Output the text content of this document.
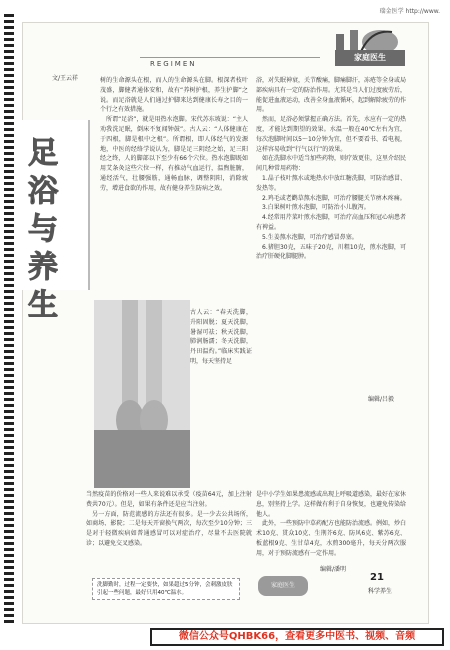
瑞金医学 http://www.
家庭医生
REGIMEN
文/王云祥
足
浴
与
养
生
树的生命源头在根，而人的生命源头在脚。根深者枝叶茂盛，脚健者通体安和，故有“养树护根，养生护脚”之说。而足浴就是人们通过护脚来达到健康长寿之目的一个行之有效措施。
　所谓“足浴”，就是用热水泡脚。宋代苏东坡说：“主人劝我洗足眠，倒床不复闻钟鼓”。古人云：“人体健康在于四根，脚是根中之根”。所谓根，即人体经气的发源地，中医的经络学说认为，脚是足三阴经之始，足三阳经之终，人的脚部以下至少有66个穴位。热水泡脚既如用艾条灸这些穴位一样，有推动气血运行，温煦脏腑，通经活气，壮腰强筋，通畅血脉，调整阴阳，消除疲劳，增进食欲的作用，故有健身养生防病之效。
古人云：“春天洗脚，升阳固脱；夏天洗脚，暑湿可祛；秋天洗脚，肺润肠濡；冬天洗脚，丹田温灼。”临床实践证明，每天坚持足
浴，对失眠神衰，关节酸痛，脚痛脚汗，冻疮等全身或局部疾病具有一定的防治作用。尤其是当人们过度疲劳后，能促进血液运动，改善全身血液循环，起到解除疲劳的作用。
　然而，足浴必须掌握正确方法。首先，水应有一定的热度，才能达到期望的效果。水温一般在40℃左右为宜，每次泡脚时间以5～10分钟为宜，但不要看书、看电视，这样容易收到“行气以行”的效果。
　如在洗脚水中适当加些药物，则疗效更佳，这里介绍民间几种常用药物：
　1.晶子枝叶熬水或地热水中放红糖洗脚，可防治感冒、发热等。
　2.鸡毛或老鹳草熬水泡脚，可治疗腰腿关节痹木疼痛。
　3.白果树叶煎水泡脚，可防治小儿腹泻。
　4.经常用芹菜叶煎水泡脚，可治疗高血压和冠心病患者有裨益。
　5.生姜熬水泡脚，可治疗感冒鼻塞。
　6.猪胆30克，五味子20克，川粗10克，煎水泡脚，可治疗肝硬化脚腿肿。
编辑/吕毅
当然疫苗的价格对一些人来说难以承受（疫苗64元，加上注射费共70元）。但是，如果有条件还是应当注射。
　另一方面，防范流感的方法还有很多。是一少去公共场所，如商场、影院；二是每天开窗换气两次，每次至少10分钟；三是对于轻微疾病如普通感冒可以对症治疗，尽量不去医院就诊；以避免交叉感染。
是中小学生如果患流感或出现上呼吸道感染，最好在家休息，别坚持上学。这样做有利于自身恢复，也避免传染给他人。
　此外，一些预防中草药配方也能防治流感。例如，炒白术10克、贯众10克、生荆芥6克、防风6克、紫苏6克、板蓝根9克、生甘草4克，水煎300毫升，每天分两次服用，对于预防流感有一定作用。
编辑/潘明
洗脚勤时，过程一定要快，如果超过5分钟，会刺激皮肤引起一些问题，最好只用40℃温水。
家庭医生
21
科学养生
微信公众号QHBK66，查看更多中医书、视频、音频
